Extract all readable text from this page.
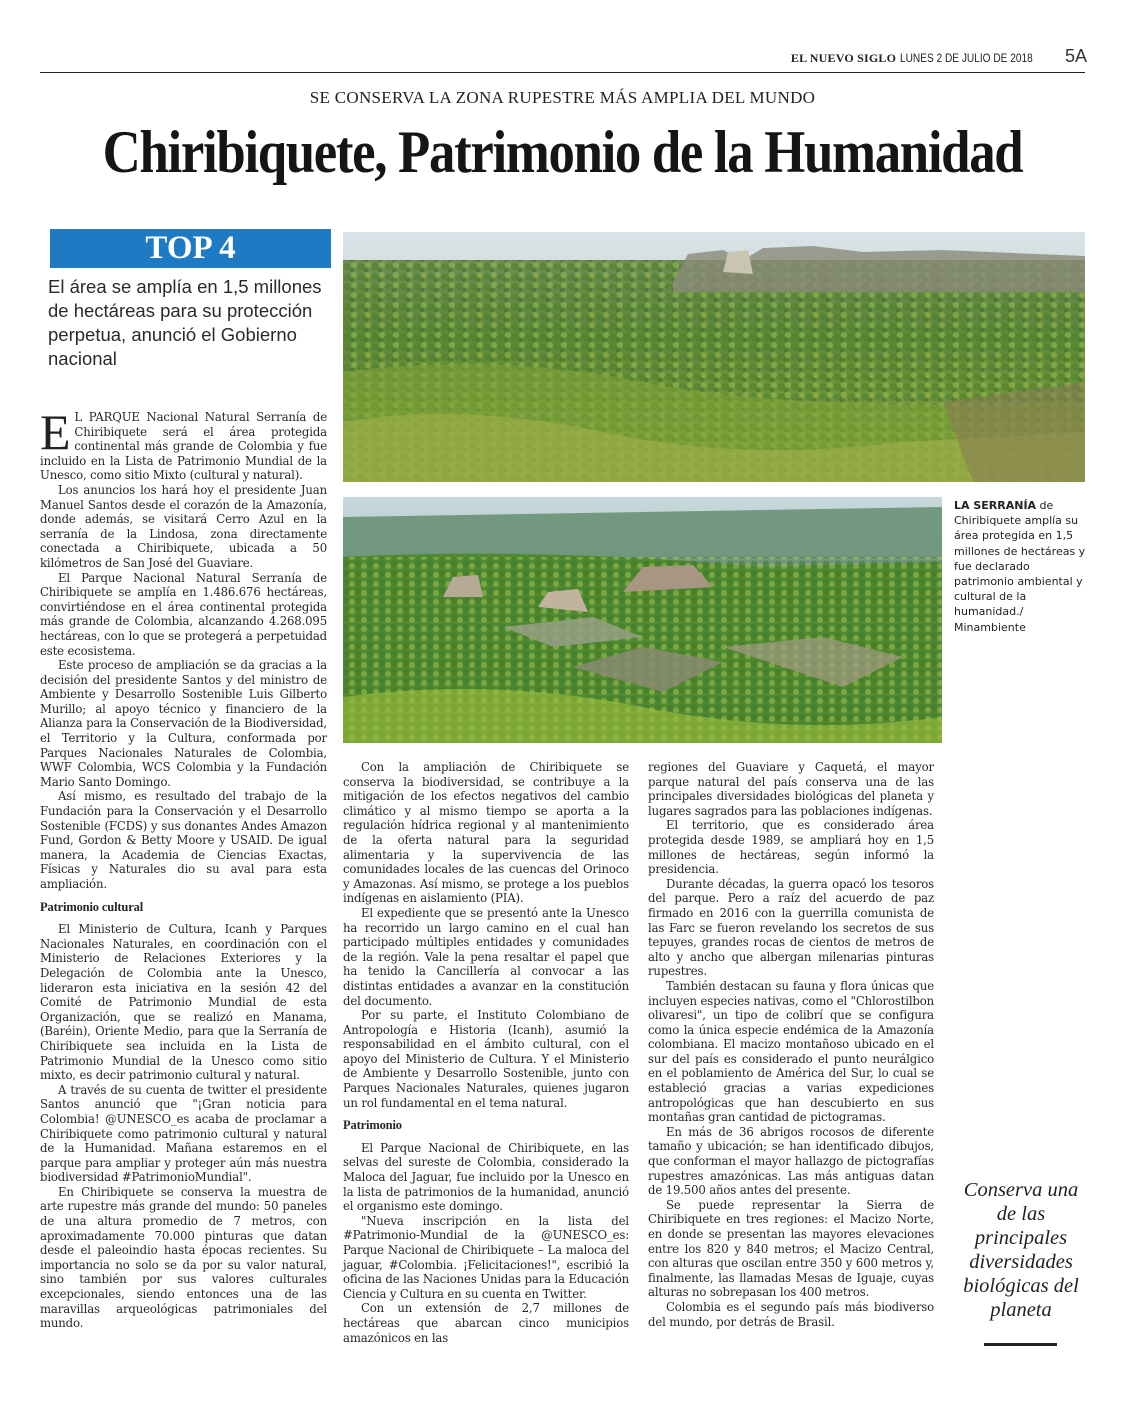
EL NUEVO SIGLO LUNES 2 DE JULIO DE 2018 5A
SE CONSERVA LA ZONA RUPESTRE MÁS AMPLIA DEL MUNDO
Chiribiquete, Patrimonio de la Humanidad
TOP 4
El área se amplía en 1,5 millones de hectáreas para su protección perpetua, anunció el Gobierno nacional
LA SERRANÍA de Chiribiquete amplía su área protegida en 1,5 millones de hectáreas y fue declarado patrimonio ambiental y cultural de la humanidad./ Minambiente

E L PARQUE Nacional Natural Serranía de Chiribiquete será el área protegida continental más grande de Colombia y fue incluido en la Lista de Patrimonio Mundial de la Unesco, como sitio Mixto (cultural y natural).

Los anuncios los hará hoy el presidente Juan Manuel Santos desde el corazón de la Amazonía, donde además, se visitará Cerro Azul en la serranía de la Lindosa, zona directamente conectada a Chiribiquete, ubicada a 50 kilómetros de San José del Guaviare.

El Parque Nacional Natural Serranía de Chiribiquete se amplía en 1.486.676 hectáreas, convirtiéndose en el área continental protegida más grande de Colombia, alcanzando 4.268.095 hectáreas, con lo que se protegerá a perpetuidad este ecosistema.

Este proceso de ampliación se da gracias a la decisión del presidente Santos y del ministro de Ambiente y Desarrollo Sostenible Luis Gilberto Murillo; al apoyo técnico y financiero de la Alianza para la Conservación de la Biodiversidad, el Territorio y la Cultura, conformada por Parques Nacionales Naturales de Colombia, WWF Colombia, WCS Colombia y la Fundación Mario Santo Domingo.

Así mismo, es resultado del trabajo de la Fundación para la Conservación y el Desarrollo Sostenible (FCDS) y sus donantes Andes Amazon Fund, Gordon & Betty Moore y USAID. De igual manera, la Academia de Ciencias Exactas, Físicas y Naturales dio su aval para esta ampliación.

Patrimonio cultural

El Ministerio de Cultura, Icanh y Parques Nacionales Naturales, en coordinación con el Ministerio de Relaciones Exteriores y la Delegación de Colombia ante la Unesco, lideraron esta iniciativa en la sesión 42 del Comité de Patrimonio Mundial de esta Organización, que se realizó en Manama, (Baréin), Oriente Medio, para que la Serranía de Chiribiquete sea incluida en la Lista de Patrimonio Mundial de la Unesco como sitio mixto, es decir patrimonio cultural y natural.

A través de su cuenta de twitter el presidente Santos anunció que "¡Gran noticia para Colombia! @UNESCO_es acaba de proclamar a Chiribiquete como patrimonio cultural y natural de la Humanidad. Mañana estaremos en el parque para ampliar y proteger aún más nuestra biodiversidad #PatrimonioMundial".

En Chiribiquete se conserva la muestra de arte rupestre más grande del mundo: 50 paneles de una altura promedio de 7 metros, con aproximadamente 70.000 pinturas que datan desde el paleoindio hasta épocas recientes. Su importancia no solo se da por su valor natural, sino también por sus valores culturales excepcionales, siendo entonces una de las maravillas arqueológicas patrimoniales del mundo.

Con la ampliación de Chiribiquete se conserva la biodiversidad, se contribuye a la mitigación de los efectos negativos del cambio climático y al mismo tiempo se aporta a la regulación hídrica regional y al mantenimiento de la oferta natural para la seguridad alimentaria y la supervivencia de las comunidades locales de las cuencas del Orinoco y Amazonas. Así mismo, se protege a los pueblos indígenas en aislamiento (PIA).

El expediente que se presentó ante la Unesco ha recorrido un largo camino en el cual han participado múltiples entidades y comunidades de la región. Vale la pena resaltar el papel que ha tenido la Cancillería al convocar a las distintas entidades a avanzar en la constitución del documento.

Por su parte, el Instituto Colombiano de Antropología e Historia (Icanh), asumió la responsabilidad en el ámbito cultural, con el apoyo del Ministerio de Cultura. Y el Ministerio de Ambiente y Desarrollo Sostenible, junto con Parques Nacionales Naturales, quienes jugaron un rol fundamental en el tema natural.

Patrimonio

El Parque Nacional de Chiribiquete, en las selvas del sureste de Colombia, considerado la Maloca del Jaguar, fue incluido por la Unesco en la lista de patrimonios de la humanidad, anunció el organismo este domingo.

"Nueva inscripción en la lista del #Patrimonio-Mundial de la @UNESCO_es: Parque Nacional de Chiribiquete – La maloca del jaguar, #Colombia. ¡Felicitaciones!", escribió la oficina de las Naciones Unidas para la Educación Ciencia y Cultura en su cuenta en Twitter.

Con un extensión de 2,7 millones de hectáreas que abarcan cinco municipios amazónicos en las

regiones del Guaviare y Caquetá, el mayor parque natural del país conserva una de las principales diversidades biológicas del planeta y lugares sagrados para las poblaciones indígenas.

El territorio, que es considerado área protegida desde 1989, se ampliará hoy en 1,5 millones de hectáreas, según informó la presidencia.

Durante décadas, la guerra opacó los tesoros del parque. Pero a raíz del acuerdo de paz firmado en 2016 con la guerrilla comunista de las Farc se fueron revelando los secretos de sus tepuyes, grandes rocas de cientos de metros de alto y ancho que albergan milenarias pinturas rupestres.

También destacan su fauna y flora únicas que incluyen especies nativas, como el "Chlorostilbon olivaresi", un tipo de colibrí que se configura como la única especie endémica de la Amazonía colombiana. El macizo montañoso ubicado en el sur del país es considerado el punto neurálgico en el poblamiento de América del Sur, lo cual se estableció gracias a varias expediciones antropológicas que han descubierto en sus montañas gran cantidad de pictogramas.

En más de 36 abrigos rocosos de diferente tamaño y ubicación; se han identificado dibujos, que conforman el mayor hallazgo de pictografías rupestres amazónicas. Las más antiguas datan de 19.500 años antes del presente.

Se puede representar la Sierra de Chiribiquete en tres regiones: el Macizo Norte, en donde se presentan las mayores elevaciones entre los 820 y 840 metros; el Macizo Central, con alturas que oscilan entre 350 y 600 metros y, finalmente, las llamadas Mesas de Iguaje, cuyas alturas no sobrepasan los 400 metros.

Colombia es el segundo país más biodiverso del mundo, por detrás de Brasil.

Conserva una de las principales diversidades biológicas del planeta
